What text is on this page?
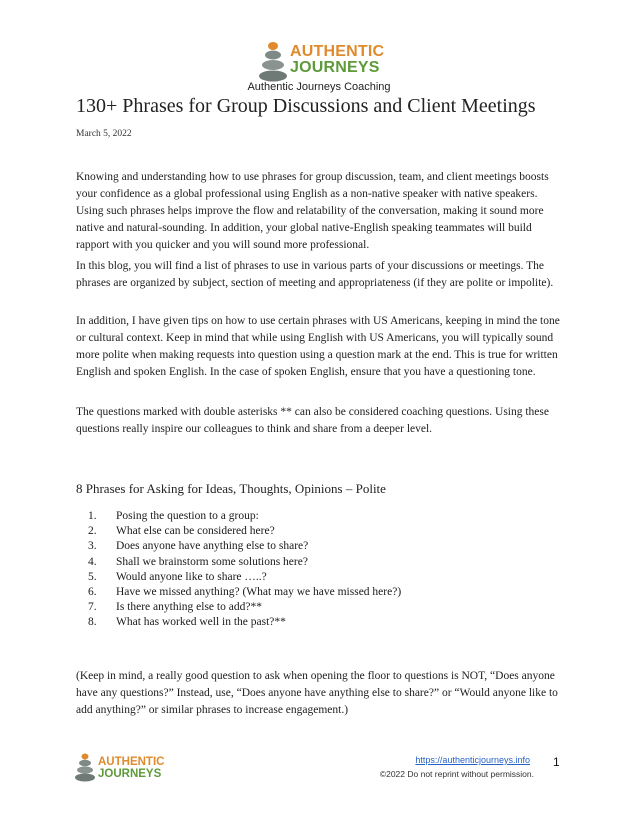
AUTHENTIC
JOURNEYS
Authentic Journeys Coaching
130+ Phrases for Group Discussions and Client Meetings
March 5, 2022

Knowing and understanding how to use phrases for group discussion, team, and client meetings boosts your confidence as a global professional using English as a non-native speaker with native speakers. Using such phrases helps improve the flow and relatability of the conversation, making it sound more native and natural-sounding. In addition, your global native-English speaking teammates will build rapport with you quicker and you will sound more professional.

In this blog, you will find a list of phrases to use in various parts of your discussions or meetings. The phrases are organized by subject, section of meeting and appropriateness (if they are polite or impolite).

In addition, I have given tips on how to use certain phrases with US Americans, keeping in mind the tone or cultural context. Keep in mind that while using English with US Americans, you will typically sound more polite when making requests into question using a question mark at the end. This is true for written English and spoken English. In the case of spoken English, ensure that you have a questioning tone.

The questions marked with double asterisks ** can also be considered coaching questions. Using these questions really inspire our colleagues to think and share from a deeper level.

8 Phrases for Asking for Ideas, Thoughts, Opinions – Polite
1.	Posing the question to a group:
2.	What else can be considered here?
3.	Does anyone have anything else to share?
4.	Shall we brainstorm some solutions here?
5.	Would anyone like to share …..?
6.	Have we missed anything? (What may we have missed here?)
7.	Is there anything else to add?**
8.	What has worked well in the past?**

(Keep in mind, a really good question to ask when opening the floor to questions is NOT, “Does anyone have any questions?” Instead, use, “Does anyone have anything else to share?” or “Would anyone like to add anything?” or similar phrases to increase engagement.)

AUTHENTIC
JOURNEYS
https://authenticjourneys.info
©2022 Do not reprint without permission.
1
